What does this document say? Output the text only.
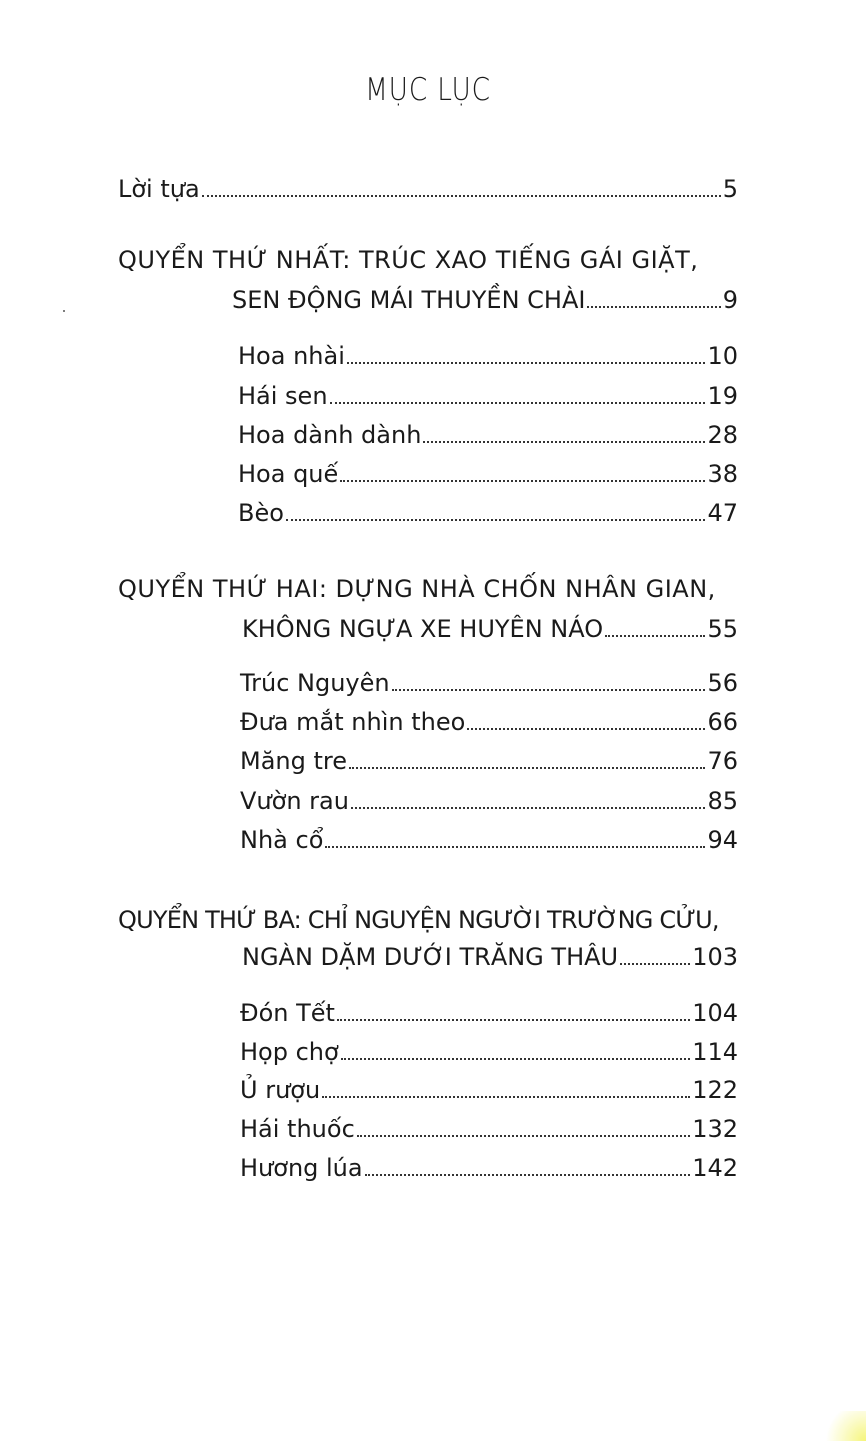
MỤC LỤC
Lời tựa	5
QUYỂN THỨ NHẤT: TRÚC XAO TIẾNG GÁI GIẶT,
SEN ĐỘNG MÁI THUYỀN CHÀI	9
Hoa nhài	10
Hái sen	19
Hoa dành dành	28
Hoa quế	38
Bèo	47
QUYỂN THỨ HAI: DỰNG NHÀ CHỐN NHÂN GIAN,
KHÔNG NGỰA XE HUYÊN NÁO	55
Trúc Nguyên	56
Đưa mắt nhìn theo	66
Măng tre	76
Vườn rau	85
Nhà cổ	94
QUYỂN THỨ BA: CHỈ NGUYỆN NGƯỜI TRƯỜNG CỬU,
NGÀN DẶM DƯỚI TRĂNG THÂU	103
Đón Tết	104
Họp chợ	114
Ủ rượu	122
Hái thuốc	132
Hương lúa	142
